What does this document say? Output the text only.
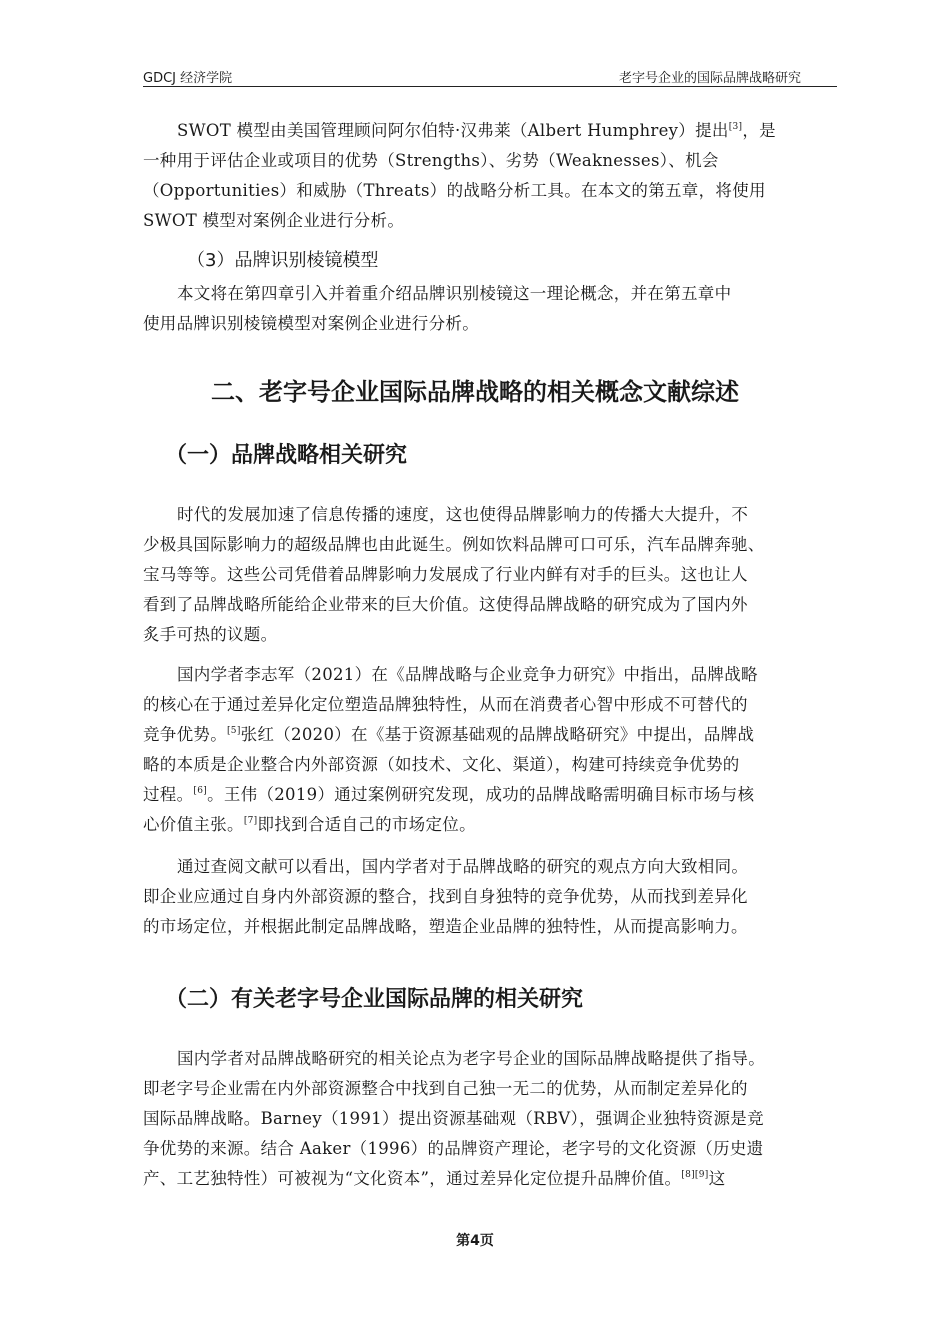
GDCJ 经济学院	老字号企业的国际品牌战略研究

SWOT 模型由美国管理顾问阿尔伯特·汉弗莱（Albert Humphrey）提出[3]，是
一种用于评估企业或项目的优势（Strengths）、劣势（Weaknesses）、机会
（Opportunities）和威胁（Threats）的战略分析工具。在本文的第五章，将使用
SWOT 模型对案例企业进行分析。

（3）品牌识别棱镜模型

本文将在第四章引入并着重介绍品牌识别棱镜这一理论概念，并在第五章中
使用品牌识别棱镜模型对案例企业进行分析。

二、老字号企业国际品牌战略的相关概念文献综述
（一）品牌战略相关研究

时代的发展加速了信息传播的速度，这也使得品牌影响力的传播大大提升，不
少极具国际影响力的超级品牌也由此诞生。例如饮料品牌可口可乐，汽车品牌奔驰、
宝马等等。这些公司凭借着品牌影响力发展成了行业内鲜有对手的巨头。这也让人
看到了品牌战略所能给企业带来的巨大价值。这使得品牌战略的研究成为了国内外
炙手可热的议题。

国内学者李志军（2021）在《品牌战略与企业竞争力研究》中指出，品牌战略
的核心在于通过差异化定位塑造品牌独特性，从而在消费者心智中形成不可替代的
竞争优势。[5]张红（2020）在《基于资源基础观的品牌战略研究》中提出，品牌战
略的本质是企业整合内外部资源（如技术、文化、渠道），构建可持续竞争优势的
过程。[6]。王伟（2019）通过案例研究发现，成功的品牌战略需明确目标市场与核
心价值主张。[7]即找到合适自己的市场定位。

通过查阅文献可以看出，国内学者对于品牌战略的研究的观点方向大致相同。
即企业应通过自身内外部资源的整合，找到自身独特的竞争优势，从而找到差异化
的市场定位，并根据此制定品牌战略，塑造企业品牌的独特性，从而提高影响力。

（二）有关老字号企业国际品牌的相关研究

国内学者对品牌战略研究的相关论点为老字号企业的国际品牌战略提供了指导。
即老字号企业需在内外部资源整合中找到自己独一无二的优势，从而制定差异化的
国际品牌战略。Barney（1991）提出资源基础观（RBV），强调企业独特资源是竞
争优势的来源。结合 Aaker（1996）的品牌资产理论，老字号的文化资源（历史遗
产、工艺独特性）可被视为“文化资本”，通过差异化定位提升品牌价值。[8][9]这

第4页
